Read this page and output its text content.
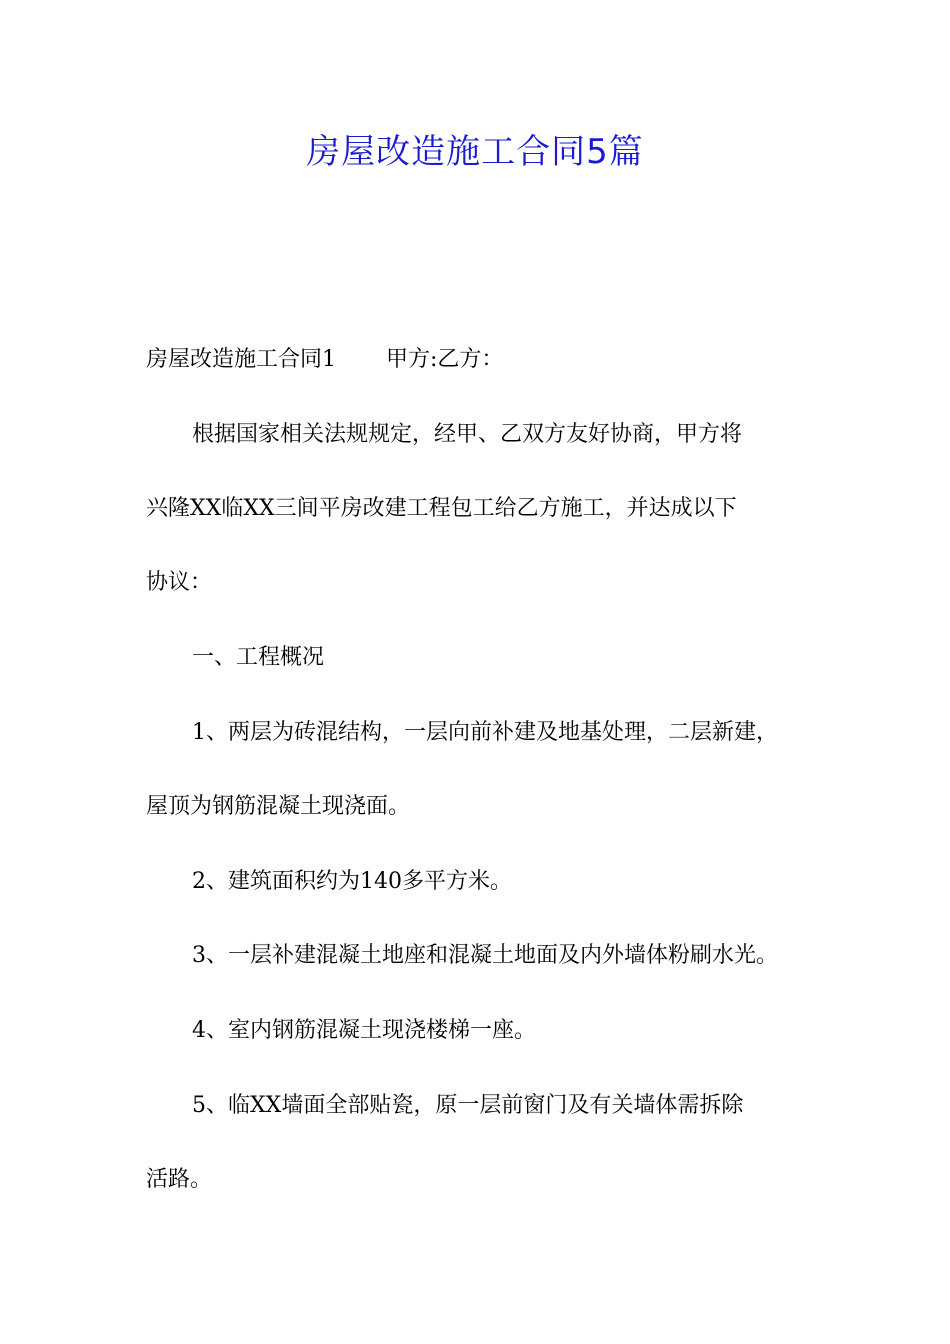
房屋改造施工合同5篇
房屋改造施工合同1 甲方:乙方：
根据国家相关法规规定，经甲、乙双方友好协商，甲方将
兴隆XX临XX三间平房改建工程包工给乙方施工，并达成以下
协议：
一、工程概况
1、两层为砖混结构，一层向前补建及地基处理，二层新建，
屋顶为钢筋混凝土现浇面。
2、建筑面积约为140多平方米。
3、一层补建混凝土地座和混凝土地面及内外墙体粉刷水光。
4、室内钢筋混凝土现浇楼梯一座。
5、临XX墙面全部贴瓷，原一层前窗门及有关墙体需拆除
活路。
